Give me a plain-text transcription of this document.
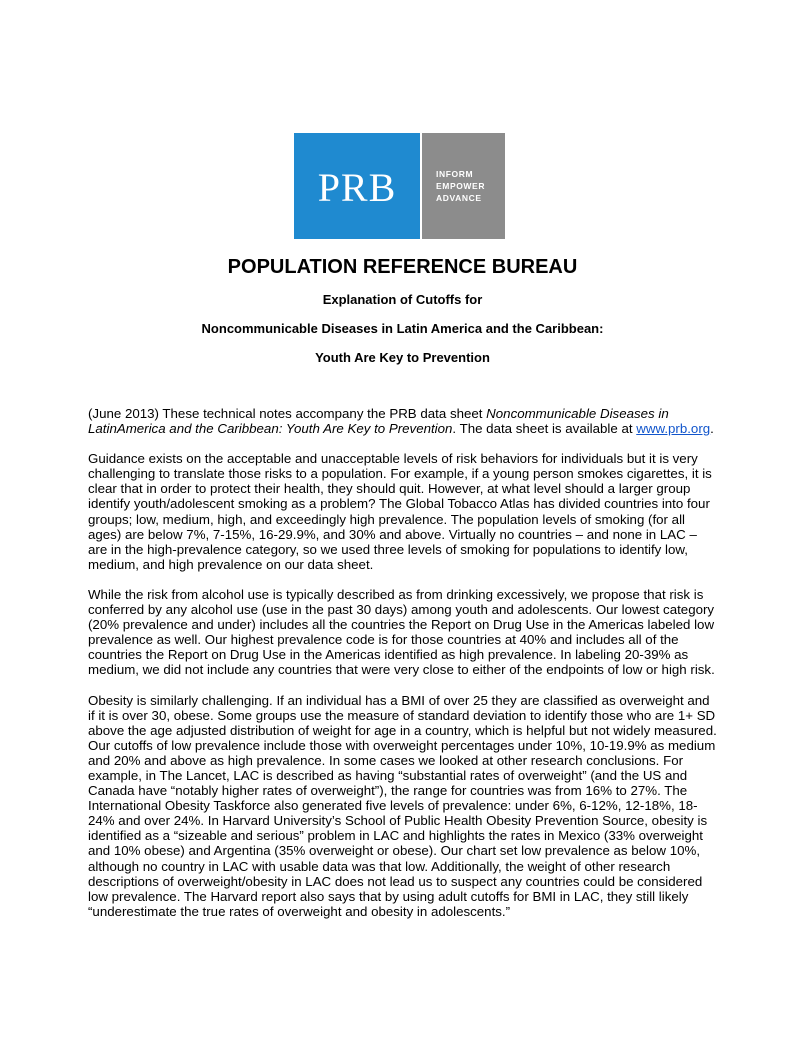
PRB	INFORM
EMPOWER
ADVANCE
POPULATION REFERENCE BUREAU

Explanation of Cutoffs for

Noncommunicable Diseases in Latin America and the Caribbean:

Youth Are Key to Prevention

(June 2013) These technical notes accompany the PRB data sheet Noncommunicable Diseases in LatinAmerica and the Caribbean: Youth Are Key to Prevention. The data sheet is available at www.prb.org.

Guidance exists on the acceptable and unacceptable levels of risk behaviors for individuals but it is very challenging to translate those risks to a population. For example, if a young person smokes cigarettes, it is clear that in order to protect their health, they should quit. However, at what level should a larger group identify youth/adolescent smoking as a problem? The Global Tobacco Atlas has divided countries into four groups; low, medium, high, and exceedingly high prevalence. The population levels of smoking (for all ages) are below 7%, 7-15%, 16-29.9%, and 30% and above. Virtually no countries – and none in LAC – are in the high-prevalence category, so we used three levels of smoking for populations to identify low, medium, and high prevalence on our data sheet.

While the risk from alcohol use is typically described as from drinking excessively, we propose that risk is conferred by any alcohol use (use in the past 30 days) among youth and adolescents. Our lowest category (20% prevalence and under) includes all the countries the Report on Drug Use in the Americas labeled low prevalence as well. Our highest prevalence code is for those countries at 40% and includes all of the countries the Report on Drug Use in the Americas identified as high prevalence. In labeling 20-39% as medium, we did not include any countries that were very close to either of the endpoints of low or high risk.

Obesity is similarly challenging. If an individual has a BMI of over 25 they are classified as overweight and if it is over 30, obese. Some groups use the measure of standard deviation to identify those who are 1+ SD above the age adjusted distribution of weight for age in a country, which is helpful but not widely measured. Our cutoffs of low prevalence include those with overweight percentages under 10%, 10-19.9% as medium and 20% and above as high prevalence. In some cases we looked at other research conclusions. For example, in The Lancet, LAC is described as having “substantial rates of overweight” (and the US and Canada have “notably higher rates of overweight”), the range for countries was from 16% to 27%. The International Obesity Taskforce also generated five levels of prevalence: under 6%, 6-12%, 12-18%, 18-24% and over 24%. In Harvard University’s School of Public Health Obesity Prevention Source, obesity is identified as a “sizeable and serious” problem in LAC and highlights the rates in Mexico (33% overweight and 10% obese) and Argentina (35% overweight or obese). Our chart set low prevalence as below 10%, although no country in LAC with usable data was that low. Additionally, the weight of other research descriptions of overweight/obesity in LAC does not lead us to suspect any countries could be considered low prevalence. The Harvard report also says that by using adult cutoffs for BMI in LAC, they still likely “underestimate the true rates of overweight and obesity in adolescents.”
